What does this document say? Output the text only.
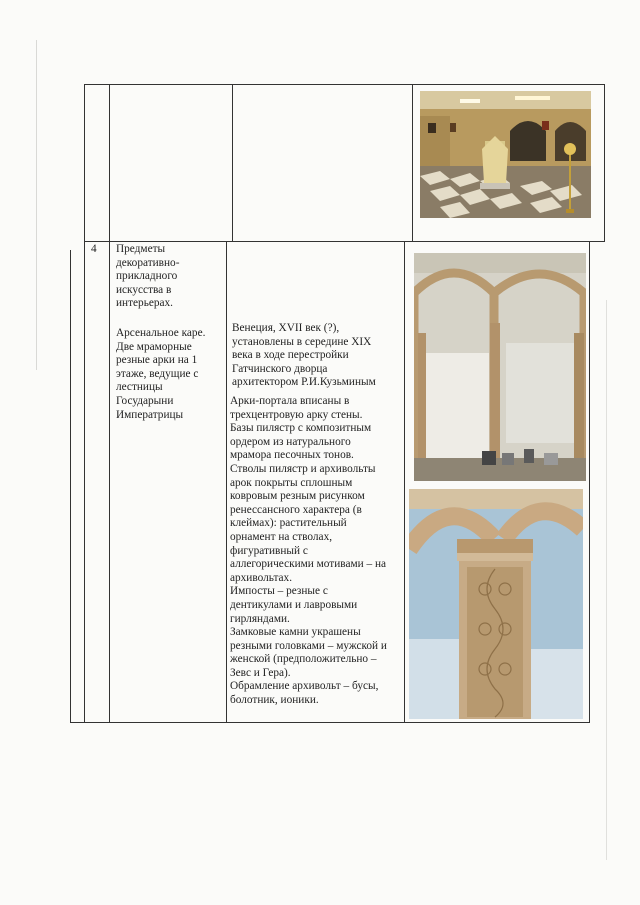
4 Предметы
декоративно-
прикладного
искусства в
интерьерах.
Арсенальное каре.
Две мраморные
резные арки на 1
этаже, ведущие с
лестницы
Государыни
Императрицы
Венеция, XVII век (?),
установлены в середине XIX
века в ходе перестройки
Гатчинского дворца
архитектором Р.И.Кузьминым
Арки-портала вписаны в
трехцентровую арку стены.
Базы пилястр с композитным
ордером из натурального
мрамора песочных тонов.
Стволы пилястр и архивольты
арок покрыты сплошным
ковровым резным рисунком
ренессансного характера (в
клеймах): растительный
орнамент на стволах,
фигуративный с
аллегорическими мотивами – на
архивольтах.
Импосты – резные с
дентикулами и лавровыми
гирляндами.
Замковые камни украшены
резными головками – мужской и
женской (предположительно –
Зевс и Гера).
Обрамление архивольт – бусы,
болотник, ионики.
